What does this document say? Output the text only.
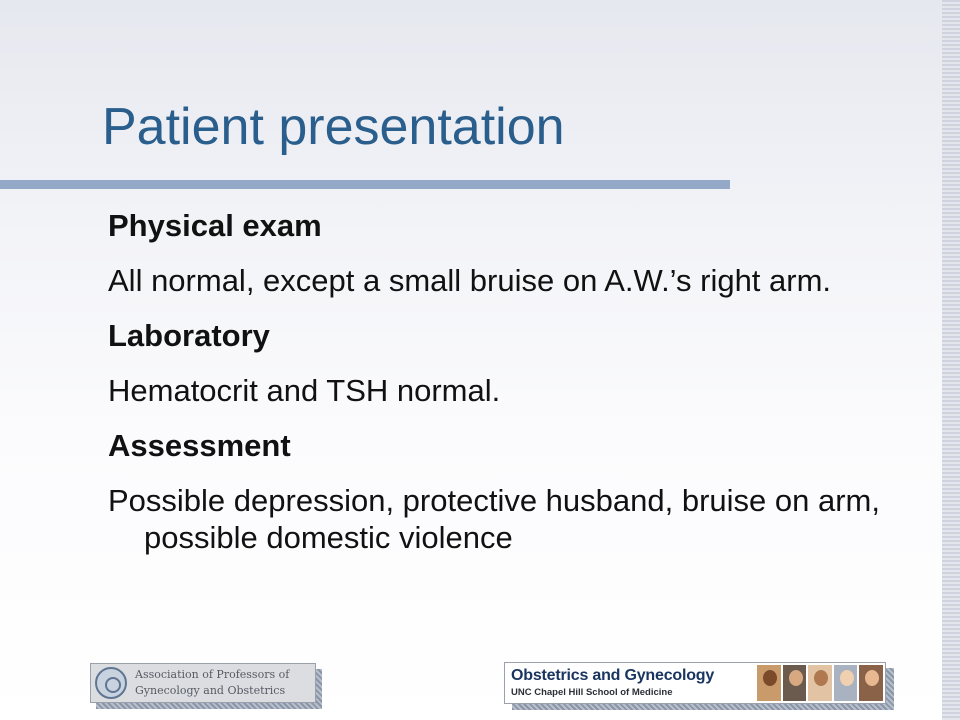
Patient presentation

Physical exam

All normal, except a small bruise on A.W.’s right arm.

Laboratory

Hematocrit and TSH normal.

Assessment

Possible depression, protective husband, bruise on arm, possible domestic violence

Association of Professors of
Gynecology and Obstetrics
Obstetrics and Gynecology
UNC Chapel Hill School of Medicine
